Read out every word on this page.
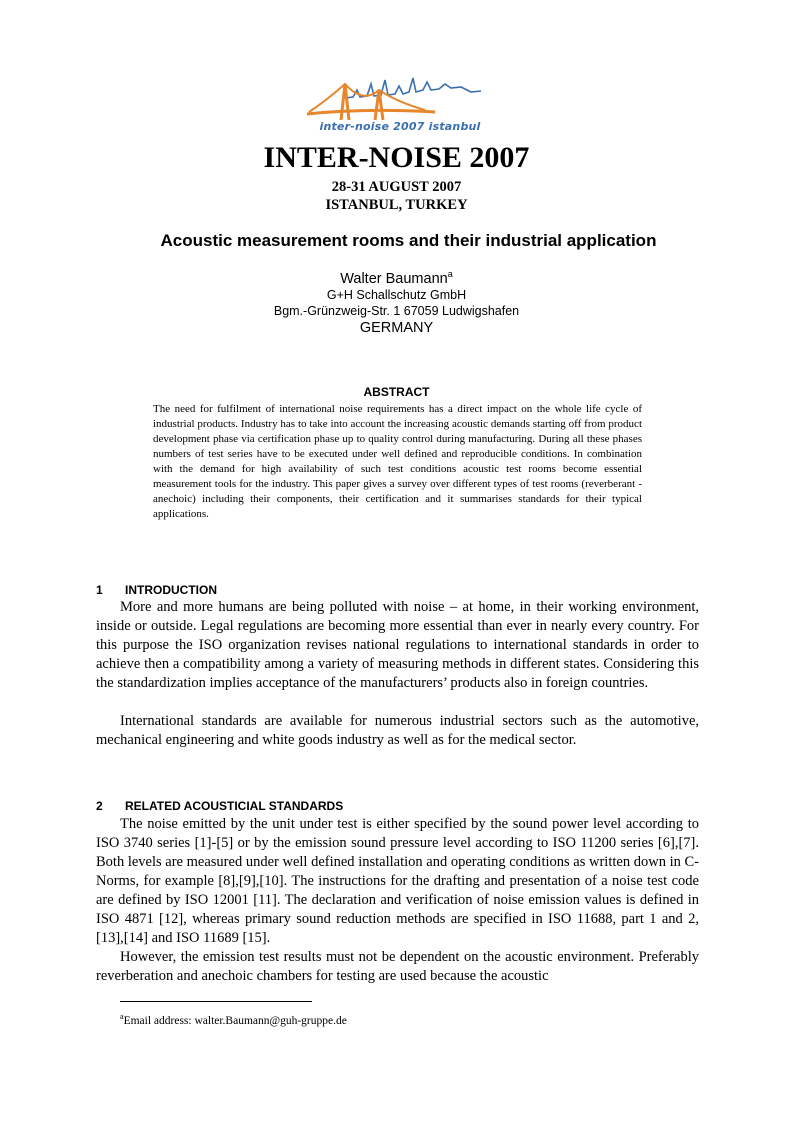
inter-noise 2007 istanbul
INTER-NOISE 2007
28-31 AUGUST 2007
ISTANBUL, TURKEY
Acoustic measurement rooms and their industrial application
Walter Baumann$^a$
G+H Schallschutz GmbH
Bgm.-Grünzweig-Str. 1 67059 Ludwigshafen
GERMANY
ABSTRACT

The need for fulfilment of international noise requirements has a direct impact on the whole life cycle of industrial products. Industry has to take into account the increasing acoustic demands starting off from product development phase via certification phase up to quality control during manufacturing. During all these phases numbers of test series have to be executed under well defined and reproducible conditions. In combination with the demand for high availability of such test conditions acoustic test rooms become essential measurement tools for the industry. This paper gives a survey over different types of test rooms (reverberant - anechoic) including their components, their certification and it summarises standards for their typical applications.

1 INTRODUCTION

More and more humans are being polluted with noise – at home, in their working environment, inside or outside. Legal regulations are becoming more essential than ever in nearly every country. For this purpose the ISO organization revises national regulations to international standards in order to achieve then a compatibility among a variety of measuring methods in different states. Considering this the standardization implies acceptance of the manufacturers’ products also in foreign countries.

International standards are available for numerous industrial sectors such as the automotive, mechanical engineering and white goods industry as well as for the medical sector.

2 RELATED ACOUSTICIAL STANDARDS

The noise emitted by the unit under test is either specified by the sound power level according to ISO 3740 series [1]-[5] or by the emission sound pressure level according to ISO 11200 series [6],[7]. Both levels are measured under well defined installation and operating conditions as written down in C-Norms, for example [8],[9],[10]. The instructions for the drafting and presentation of a noise test code are defined by ISO 12001 [11]. The declaration and verification of noise emission values is defined in ISO 4871 [12], whereas primary sound reduction methods are specified in ISO 11688, part 1 and 2, [13],[14] and ISO 11689 [15].

However, the emission test results must not be dependent on the acoustic environment. Preferably reverberation and anechoic chambers for testing are used because the acoustic

$^a$Email address: walter.Baumann@guh-gruppe.de
